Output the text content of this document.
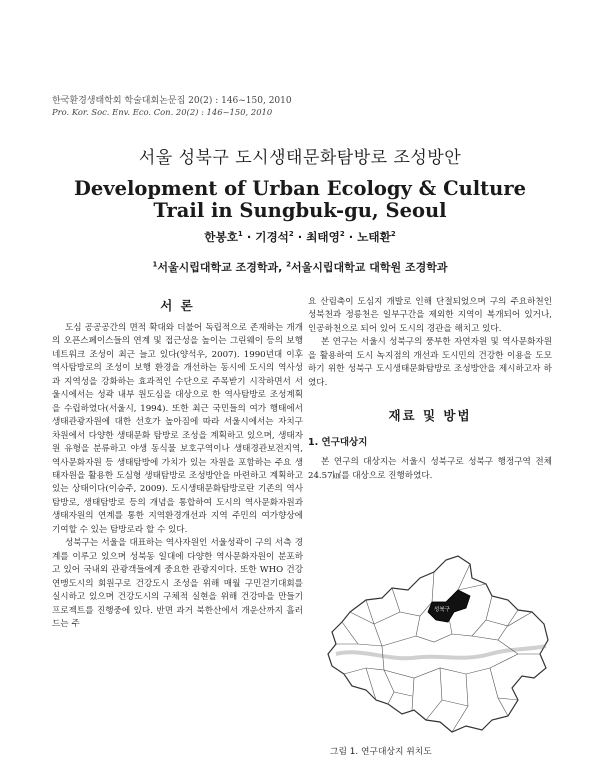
한국환경생태학회 학술대회논문집 20(2) : 146~150, 2010
Pro. Kor. Soc. Env. Eco. Con. 20(2) : 146~150, 2010
서울 성북구 도시생태문화탐방로 조성방안
Development of Urban Ecology & Culture Trail in Sungbuk-gu, Seoul
한봉호$^1$ · 기경석$^2$ · 최태영$^2$ · 노태환$^2$
$^1$서울시립대학교 조경학과, $^2$서울시립대학교 대학원 조경학과
서 론

도심 공공공간의 면적 확대와 더불어 독립적으로 존재하는 개개의 오픈스페이스들의 연계 및 접근성을 높이는 그린웨이 등의 보행 네트워크 조성이 최근 늘고 있다(양석우, 2007). 1990년대 이후 역사탐방로의 조성이 보행 환경을 개선하는 동시에 도시의 역사성과 지역성을 강화하는 효과적인 수단으로 주목받기 시작하면서 서울시에서는 성곽 내부 원도심을 대상으로 한 역사탐방로 조성계획을 수립하였다(서울시, 1994). 또한 최근 국민들의 여가 행태에서 생태관광자원에 대한 선호가 높아짐에 따라 서울시에서는 자치구 차원에서 다양한 생태문화 탐방로 조성을 계획하고 있으며, 생태자원 유형을 분류하고 야생 동식물 보호구역이나 생태경관보전지역, 역사문화자원 등 생태탐방에 가치가 있는 자원을 포함하는 주요 생태자원을 활용한 도심형 생태탐방로 조성방안을 마련하고 계획하고 있는 상태이다(이승주, 2009). 도시생태문화탐방로란 기존의 역사탐방로, 생태탐방로 등의 개념을 통합하여 도시의 역사문화자원과 생태자원의 연계를 통한 지역환경개선과 지역 주민의 여가향상에 기여할 수 있는 탐방로라 할 수 있다.

성북구는 서울을 대표하는 역사자원인 서울성곽이 구의 서측 경계를 이루고 있으며 성북동 일대에 다양한 역사문화자원이 분포하고 있어 국내외 관광객들에게 중요한 관광지이다. 또한 WHO 건강연맹도시의 회원구로 건강도시 조성을 위해 매월 구민걷기대회를 실시하고 있으며 건강도시의 구체적 실현을 위해 건강마을 만들기 프로젝트를 진행중에 있다. 반면 과거 북한산에서 개운산까지 흘러드는 주

요 산림축이 도심지 개발로 인해 단절되었으며 구의 주요하천인 성북천과 정릉천은 일부구간을 제외한 지역이 복개되어 있거나, 인공하천으로 되어 있어 도시의 경관을 해치고 있다.

본 연구는 서울시 성북구의 풍부한 자연자원 및 역사문화자원을 활용하여 도시 녹지점의 개선과 도시민의 건강한 이용을 도모하기 위한 성북구 도시생태문화탐방로 조성방안을 제시하고자 하였다.

재료 및 방법
1. 연구대상지

본 연구의 대상지는 서울시 성북구로 성북구 행정구역 전체 24.57㎢를 대상으로 진행하였다.

성북구
그림 1. 연구대상지 위치도
